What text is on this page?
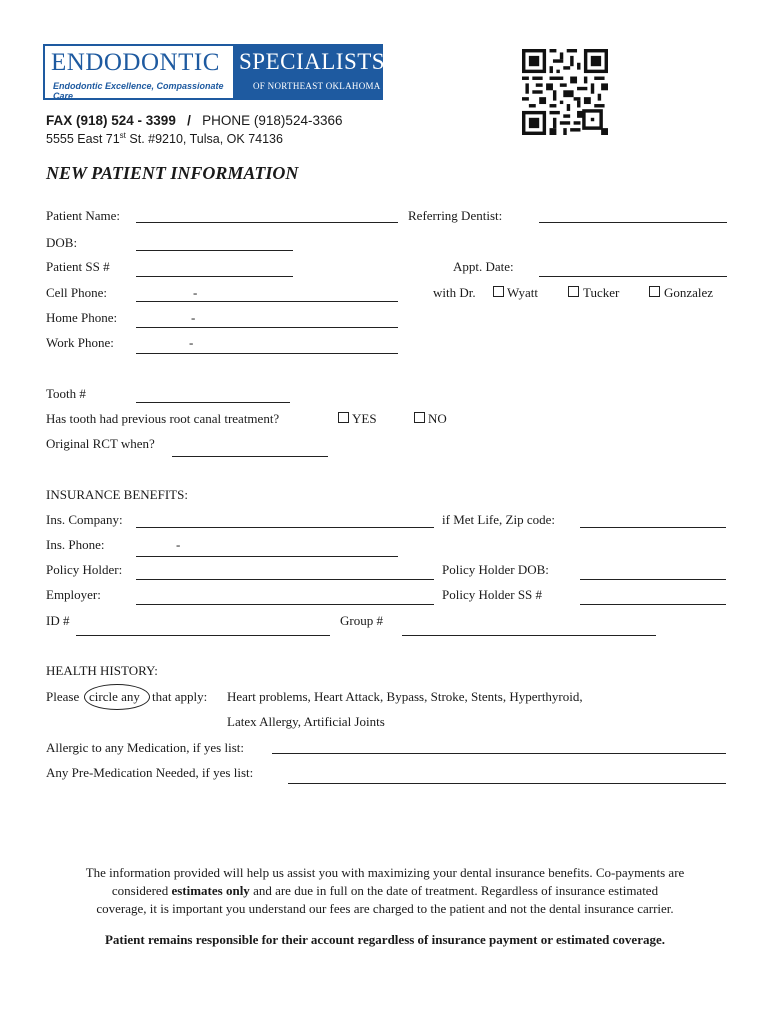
ENDODONTIC
Endodontic Excellence, Compassionate Care
SPECIALISTS
OF NORTHEAST OKLAHOMA
FAX (918) 524 - 3399 / PHONE (918)524-3366
5555 East 71st St. #9210, Tulsa, OK 74136
NEW PATIENT INFORMATION
Patient Name:	Referring Dentist:
DOB:
Patient SS #	Appt. Date:
Cell Phone:	-	with Dr. Wyatt	Tucker	Gonzalez
Home Phone:	-
Work Phone:	-
Tooth #
Has tooth had previous root canal treatment?	YES	NO
Original RCT when?
INSURANCE BENEFITS:
Ins. Company:	if Met Life, Zip code:
Ins. Phone:	-
Policy Holder:	Policy Holder DOB:
Employer:	Policy Holder SS #
ID #	Group #
HEALTH HISTORY:
Please circle any that apply: Heart problems, Heart Attack, Bypass, Stroke, Stents, Hyperthyroid,
Latex Allergy, Artificial Joints
Allergic to any Medication, if yes list:
Any Pre-Medication Needed, if yes list:
The information provided will help us assist you with maximizing your dental insurance benefits. Co-payments are
considered estimates only and are due in full on the date of treatment. Regardless of insurance estimated
coverage, it is important you understand our fees are charged to the patient and not the dental insurance carrier.
Patient remains responsible for their account regardless of insurance payment or estimated coverage.
